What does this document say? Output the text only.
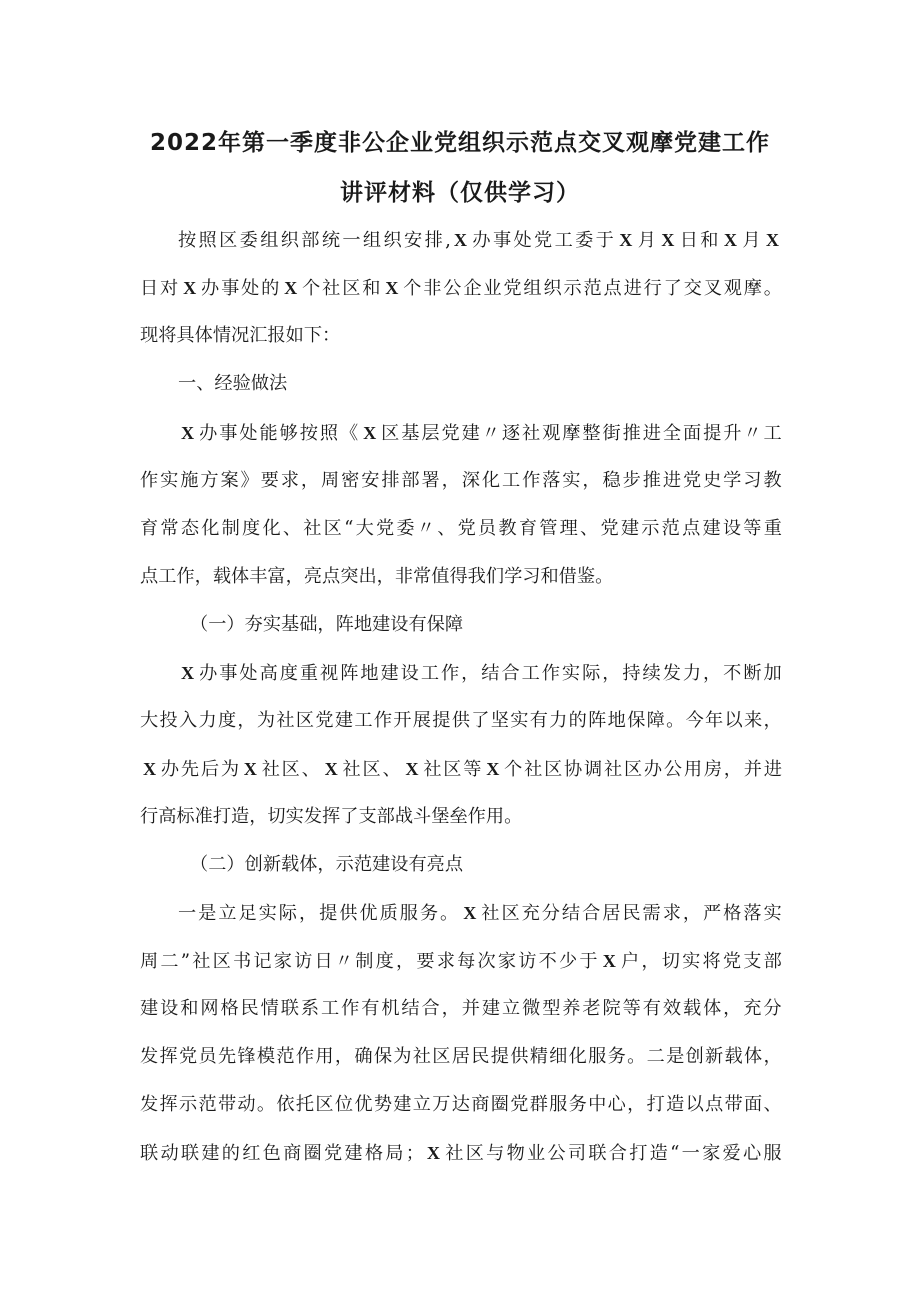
2022年第一季度非公企业党组织示范点交叉观摩党建工作
讲评材料（仅供学习）
按照区委组织部统一组织安排, X 办事处党工委于 X 月 X 日和 X 月 X
日对 X 办事处的 X 个社区和 X 个非公企业党组织示范点进行了交叉观摩。
现将具体情况汇报如下：
一、经验做法
X 办事处能够按照《 X 区基层党建〃逐社观摩整街推进全面提升〃工
作实施方案》要求，周密安排部署，深化工作落实，稳步推进党史学习教
育常态化制度化、社区“大党委〃、党员教育管理、党建示范点建设等重
点工作，载体丰富，亮点突出，非常值得我们学习和借鉴。
（一）夯实基础，阵地建设有保障
X 办事处高度重视阵地建设工作，结合工作实际，持续发力，不断加
大投入力度，为社区党建工作开展提供了坚实有力的阵地保障。今年以来，
X 办先后为 X 社区、 X 社区、 X 社区等 X 个社区协调社区办公用房，并进
行高标准打造，切实发挥了支部战斗堡垒作用。
（二）创新载体，示范建设有亮点
一是立足实际，提供优质服务。 X 社区充分结合居民需求，严格落实
周二”社区书记家访日〃制度，要求每次家访不少于 X 户，切实将党支部
建设和网格民情联系工作有机结合，并建立微型养老院等有效载体，充分
发挥党员先锋模范作用，确保为社区居民提供精细化服务。二是创新载体，
发挥示范带动。依托区位优势建立万达商圈党群服务中心，打造以点带面、
联动联建的红色商圈党建格局； X 社区与物业公司联合打造“一家爱心服
